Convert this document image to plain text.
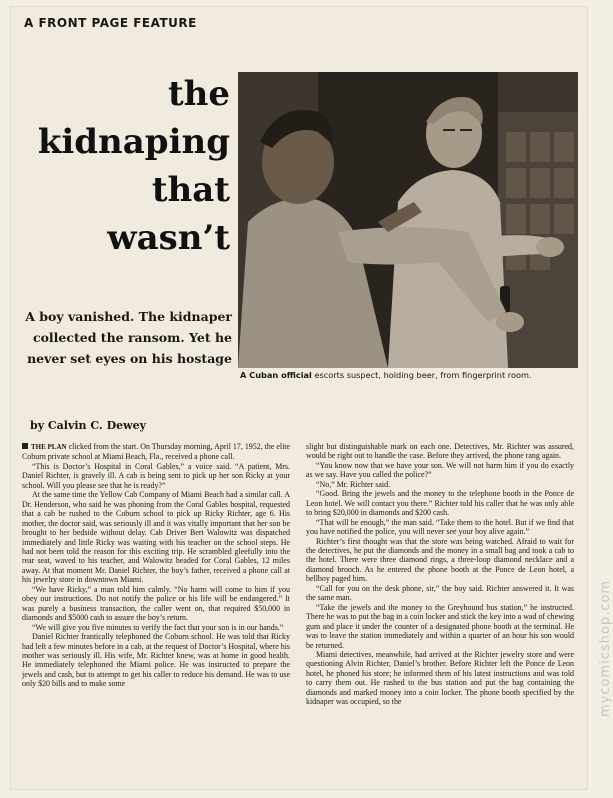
A FRONT PAGE FEATURE
the
kidnaping
that
wasn’t
A boy vanished. The kidnaper
collected the ransom. Yet he
never set eyes on his hostage
A Cuban official escorts suspect, holding beer, from fingerprint room.
by Calvin C. Dewey

THE PLAN clicked from the start. On Thursday morning, April 17, 1952, the elite Coburn private school at Miami Beach, Fla., received a phone call.

“This is Doctor’s Hospital in Coral Gables,” a voice said. “A patient, Mrs. Daniel Richter, is gravely ill. A cab is being sent to pick up her son Ricky at your school. Will you please see that he is ready?”

At the same time the Yellow Cab Company of Miami Beach had a similar call. A Dr. Henderson, who said he was phoning from the Coral Gables hospital, requested that a cab be rushed to the Coburn school to pick up Ricky Richter, age 6. His mother, the doctor said, was seriously ill and it was vitally important that her son be brought to her bedside without delay. Cab Driver Bert Walowitz was dispatched immediately and little Ricky was waiting with his teacher on the school steps. He had not been told the reason for this exciting trip. He scrambled gleefully into the rear seat, waved to his teacher, and Walowitz headed for Coral Gables, 12 miles away. At that moment Mr. Daniel Richter, the boy’s father, received a phone call at his jewelry store in downtown Miami.

“We have Ricky,” a man told him calmly. “No harm will come to him if you obey our instructions. Do not notify the police or his life will be endangered.” It was purely a business transaction, the caller went on, that required $50,000 in diamonds and $5000 cash to assure the boy’s return.

“We will give you five minutes to verify the fact that your son is in our hands.”

Daniel Richter frantically telephoned the Coburn school. He was told that Ricky had left a few minutes before in a cab, at the request of Doctor’s Hospital, where his mother was seriously ill. His wife, Mr. Richter knew, was at home in good health. He immediately telephoned the Miami police. He was instructed to prepare the jewels and cash, but to attempt to get his caller to reduce his demand. He was to use only $20 bills and to make some

slight but distinguishable mark on each one. Detectives, Mr. Richter was assured, would be right out to handle the case. Before they arrived, the phone rang again.

“You know now that we have your son. We will not harm him if you do exactly as we say. Have you called the police?”

“No,” Mr. Richter said.

“Good. Bring the jewels and the money to the telephone booth in the Ponce de Leon hotel. We will contact you there.” Richter told his caller that he was only able to bring $20,000 in diamonds and $200 cash.

“That will be enough,” the man said. “Take them to the hotel. But if we find that you have notified the police, you will never see your boy alive again.”

Richter’s first thought was that the store was being watched. Afraid to wait for the detectives, he put the diamonds and the money in a small bag and took a cab to the hotel. There were three diamond rings, a three-loop diamond necklace and a diamond brooch. As he entered the phone booth at the Ponce de Leon hotel, a bellboy paged him.

“Call for you on the desk phone, sir,” the boy said. Richter answered it. It was the same man.

“Take the jewels and the money to the Greyhound bus station,” he instructed. There he was to put the bag in a coin locker and stick the key into a wad of chewing gum and place it under the counter of a designated phone booth at the terminal. He was to leave the station immediately and within a quarter of an hour his son would be returned.

Miami detectives, meanwhile, had arrived at the Richter jewelry store and were questioning Alvin Richter, Daniel’s brother. Before Richter left the Ponce de Leon hotel, he phoned his store; he informed them of his latest instructions and was told to carry them out. He rushed to the bus station and put the bag containing the diamonds and marked money into a coin locker. The phone booth specified by the kidnaper was occupied, so the	mycomicshop.com
